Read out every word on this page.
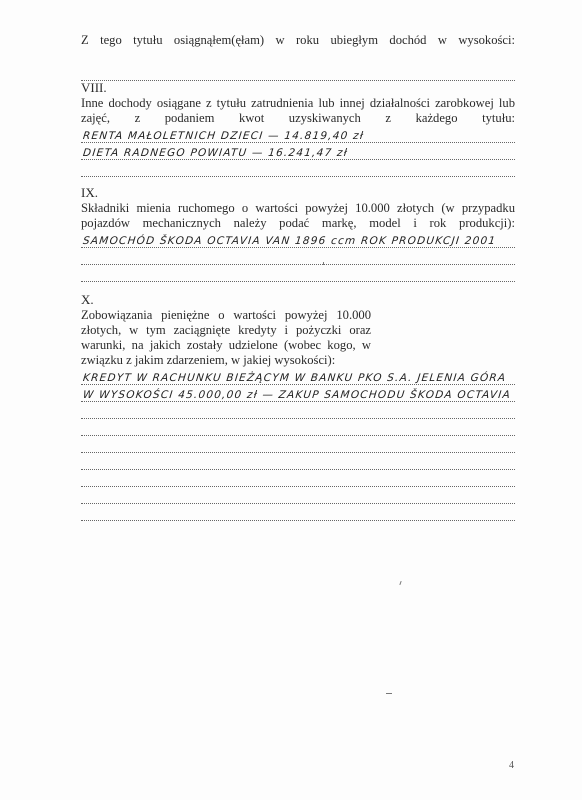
Z tego tytułu osiągnąłem(ęłam) w roku ubiegłym dochód w wysokości:

VIII.

Inne dochody osiągane z tytułu zatrudnienia lub innej działalności zarobkowej lub zajęć, z podaniem kwot uzyskiwanych z każdego tytułu:

RENTA MAŁOLETNICH DZIECI — 14.819,40 zł
DIETA RADNEGO POWIATU — 16.241,47 zł

IX.

Składniki mienia ruchomego o wartości powyżej 10.000 złotych (w przypadku pojazdów mechanicznych należy podać markę, model i rok produkcji):

SAMOCHÓD ŠKODA OCTAVIA VAN 1896 ccm ROK PRODUKCJI 2001

X.

Zobowiązania pieniężne o wartości powyżej 10.000 złotych, w tym zaciągnięte kredyty i pożyczki oraz warunki, na jakich zostały udzielone (wobec kogo, w związku z jakim zdarzeniem, w jakiej wysokości):

KREDYT W RACHUNKU BIEŻĄCYM W BANKU PKO S.A. JELENIA GÓRA
W WYSOKOŚCI 45.000,00 zł — ZAKUP SAMOCHODU ŠKODA OCTAVIA
4
